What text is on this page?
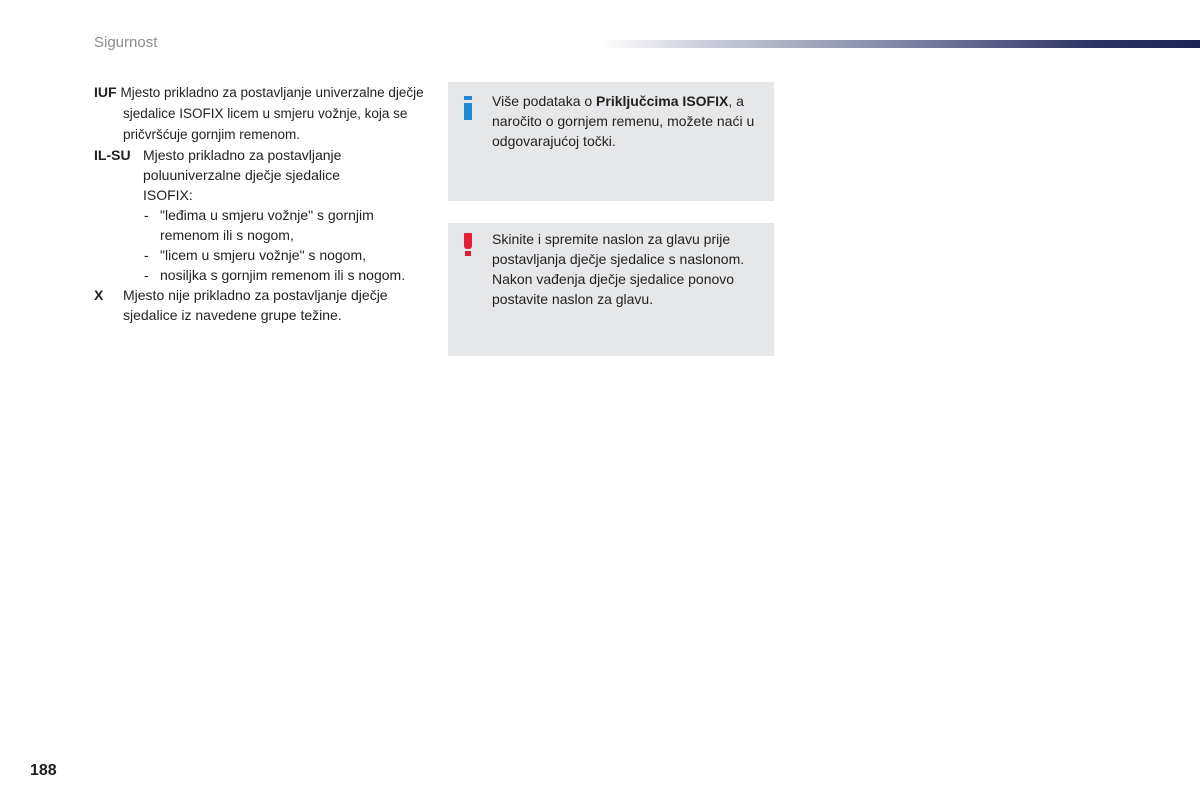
Sigurnost
IUF Mjesto prikladno za postavljanje univerzalne dječje sjedalice ISOFIX licem u smjeru vožnje, koja se pričvršćuje gornjim remenom.
IL-SU Mjesto prikladno za postavljanje poluuniverzalne dječje sjedalice ISOFIX:
- "leđima u smjeru vožnje" s gornjim remenom ili s nogom,
- "licem u smjeru vožnje" s nogom,
- nosiljka s gornjim remenom ili s nogom.
X	Mjesto nije prikladno za postavljanje dječje sjedalice iz navedene grupe težine.
Više podataka o Priključcima ISOFIX, a naročito o gornjem remenu, možete naći u odgovarajućoj točki.
Skinite i spremite naslon za glavu prije postavljanja dječje sjedalice s naslonom.
Nakon vađenja dječje sjedalice ponovo postavite naslon za glavu.
188
